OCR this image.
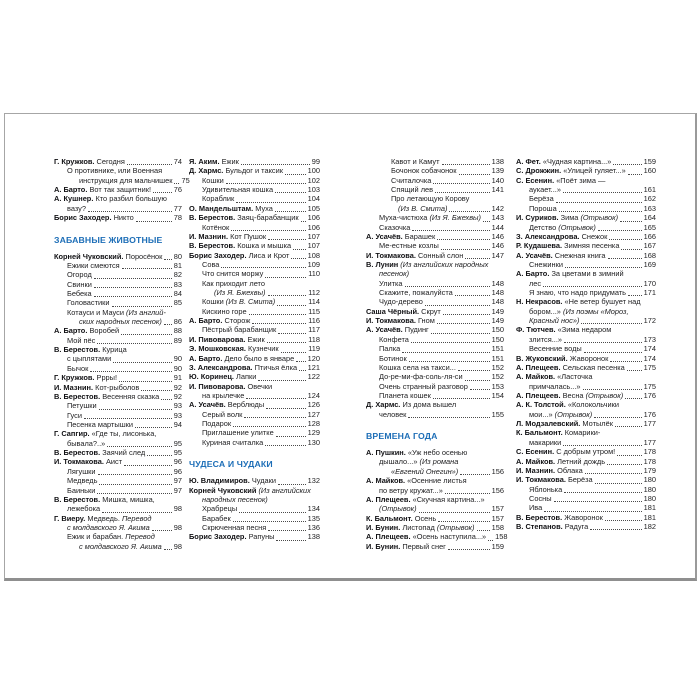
Г. Кружков. Сегодня	74
О противнике, или Военная
инструкция для мальчишек 75
А. Барто. Вот так защитник!	76
А. Кушнер. Кто разбил большую
вазу?	77
Борис Заходер. Никто	78
ЗАБАВНЫЕ ЖИВОТНЫЕ
Корней Чуковский. Поросёнок 80
Ежики смеются	81
Огород	82
Свинки	83
Бебека	84
Головастики	85
Котауси и Мауси (Из англий-
ских народных песенок) 86
А. Барто. Воробей	88
Мой пёс	89
В. Берестов. Курица
с цыплятами	90
Бычок	90
Г. Кружков. Ррры!	91
И. Мазнин. Кот-рыболов	92
В. Берестов. Весенняя сказка 92
Петушки	93
Гуси	93
Песенка мартышки	94
Г. Сапгир. «Где ты, лисонька,
бывала?..»	95
В. Берестов. Заячий след	95
И. Токмакова. Аист	96
Лягушки	96
Медведь	97
Баиньки	97
В. Берестов. Мишка, мишка,
лежебока	98
Г. Виеру. Медведь. Перевод
с молдавского Я. Акима	98
Ежик и барабан. Перевод
с молдавского Я. Акима 98
Я. Аким. Ежик	99
Д. Хармс. Бульдог и таксик	100
Кошки	102
Удивительная кошка	103
Кораблик	104
О. Мандельштам. Муха	105
В. Берестов. Заяц-барабанщик 106
Котёнок	106
И. Мазнин. Кот Пушок	107
В. Берестов. Кошка и мышка 107
Борис Заходер. Лиса и Крот 108
Сова	109
Что снится моржу	110
Как приходит лето
(Из Я. Бжехвы)	112
Кошки (Из В. Смита)	114
Кискино горе	115
А. Барто. Сторож	116
Пёстрый барабанщик	117
И. Пивоварова. Ежик	118
Э. Мошковская. Кузнечик	119
А. Барто. Дело было в январе 120
З. Александрова. Птичья ёлка 121
Ю. Коринец. Лапки	122
И. Пивоварова. Овечки
на крылечке	124
А. Усачёв. Верблюды	126
Серый волк	127
Подарок	128
Приглашение улитке	129
Куриная считалка	130
ЧУДЕСА И ЧУДАКИ
Ю. Владимиров. Чудаки	132
Корней Чуковский (Из английских
народных песенок)
Храбрецы	134
Барабек	135
Скрюченная песня	136
Борис Заходер. Рапуны	138
Кавот и Камут	138
Бочонок собачонок	139
Считалочка	140
Спящий лев	141
Про летающую Корову
(Из В. Смита)	142
Муха-чистюха (Из Я. Бжехвы) 143
Сказочка	144
А. Усачёв. Барашек	146
Ме-естные козлы	146
И. Токмакова. Сонный слон	147
В. Лунин (Из английских народных
песенок)
Улитка	148
Скажите, пожалуйста	148
Чудо-дерево	148
Саша Чёрный. Скрут	149
И. Токмакова. Гном	149
А. Усачёв. Пудинг	150
Конфета	150
Палка	151
Ботинок	151
Кошка села на такси...	152
До-ре-ми-фа-соль-ля-си	152
Очень странный разговор	153
Планета кошек	154
Д. Хармс. Из дома вышел
человек	155
ВРЕМЕНА ГОДА
А. Пушкин. «Уж небо осенью
дышало...» (Из романа
«Евгений Онегин»)	156
А. Майков. «Осенние листья
по ветру кружат...»	156
А. Плещеев. «Скучная картина...»
(Отрывок)	157
К. Бальмонт. Осень	157
И. Бунин. Листопад (Отрывок) 158
А. Плещеев. «Осень наступила...» 158
И. Бунин. Первый снег	159
А. Фет. «Чудная картина...»	159
С. Дрожжин. «Улицей гуляет...» 160
С. Есенин. «Поёт зима —
аукает...»	161
Берёза	162
Пороша	163
И. Суриков. Зима (Отрывок)	164
Детство (Отрывок)	165
З. Александрова. Снежок	166
Р. Кудашева. Зимняя песенка	167
А. Усачёв. Снежная книга	168
Снежинки	169
А. Барто. За цветами в зимний
лес	170
Я знаю, что надо придумать 171
Н. Некрасов. «Не ветер бушует над
бором...» (Из поэмы «Мороз,
Красный нос»)	172
Ф. Тютчев. «Зима недаром
злится...»	173
Весенние воды	174
В. Жуковский. Жаворонок	174
А. Плещеев. Сельская песенка	175
А. Майков. «Ласточка
примчалась...»	175
А. Плещеев. Весна (Отрывок)	176
А. К. Толстой. «Колокольчики
мои...» (Отрывок)	176
Л. Модзалевский. Мотылёк	177
К. Бальмонт. Комарики-
макарики	177
С. Есенин. С добрым утром!	178
А. Майков. Летний дождь	178
И. Мазнин. Облака	179
И. Токмакова. Берёза	180
Яблонька	180
Сосны	180
Ива	181
В. Берестов. Жаворонок	181
В. Степанов. Радуга	182
